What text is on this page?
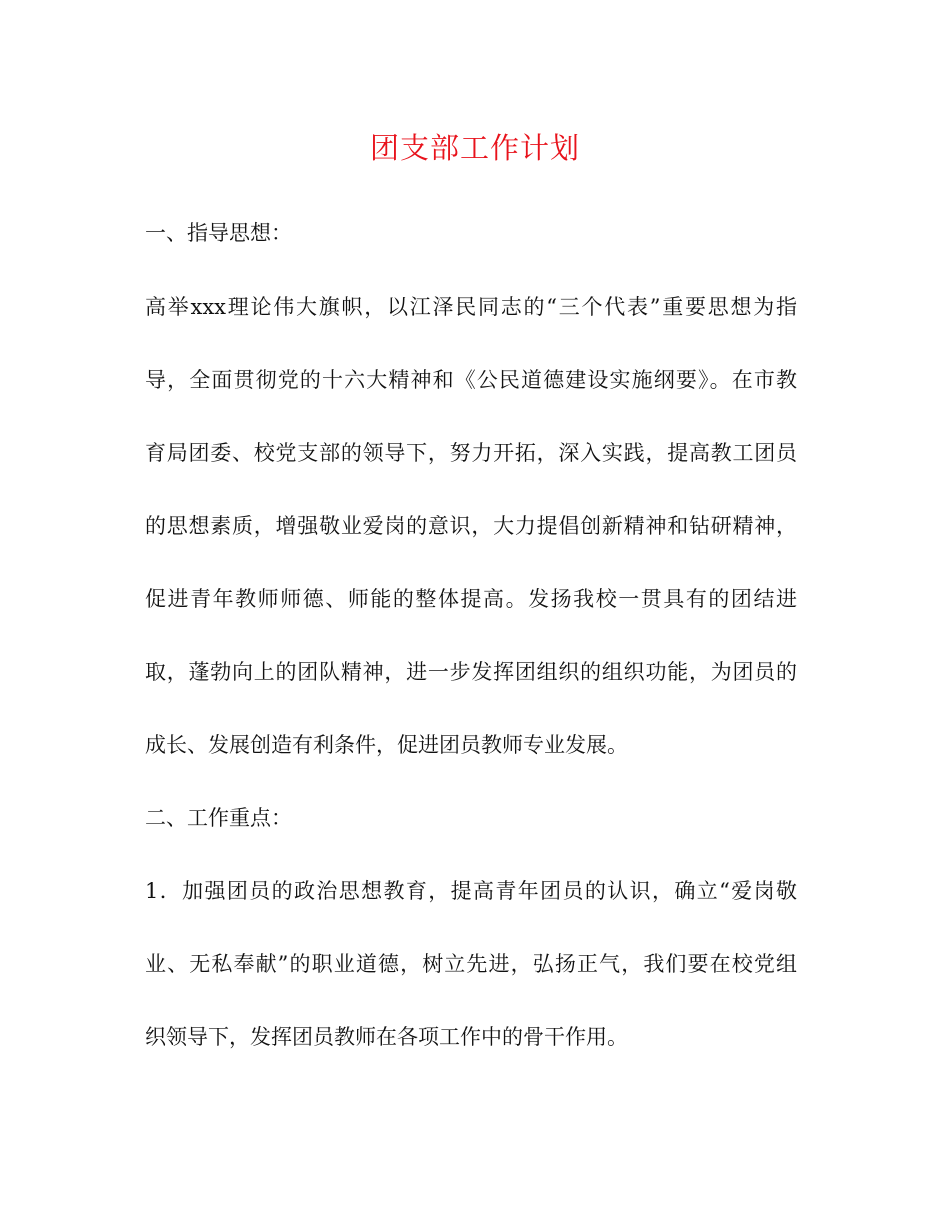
团支部工作计划
一、指导思想：
高举xxx理论伟大旗帜，以江泽民同志的“三个代表”重要思想为指
导，全面贯彻党的十六大精神和《公民道德建设实施纲要》。在市教
育局团委、校党支部的领导下，努力开拓，深入实践，提高教工团员
的思想素质，增强敬业爱岗的意识，大力提倡创新精神和钻研精神，
促进青年教师师德、师能的整体提高。发扬我校一贯具有的团结进
取，蓬勃向上的团队精神，进一步发挥团组织的组织功能，为团员的
成长、发展创造有利条件，促进团员教师专业发展。
二、工作重点：
1．加强团员的政治思想教育，提高青年团员的认识，确立“爱岗敬
业、无私奉献”的职业道德，树立先进，弘扬正气，我们要在校党组
织领导下，发挥团员教师在各项工作中的骨干作用。
